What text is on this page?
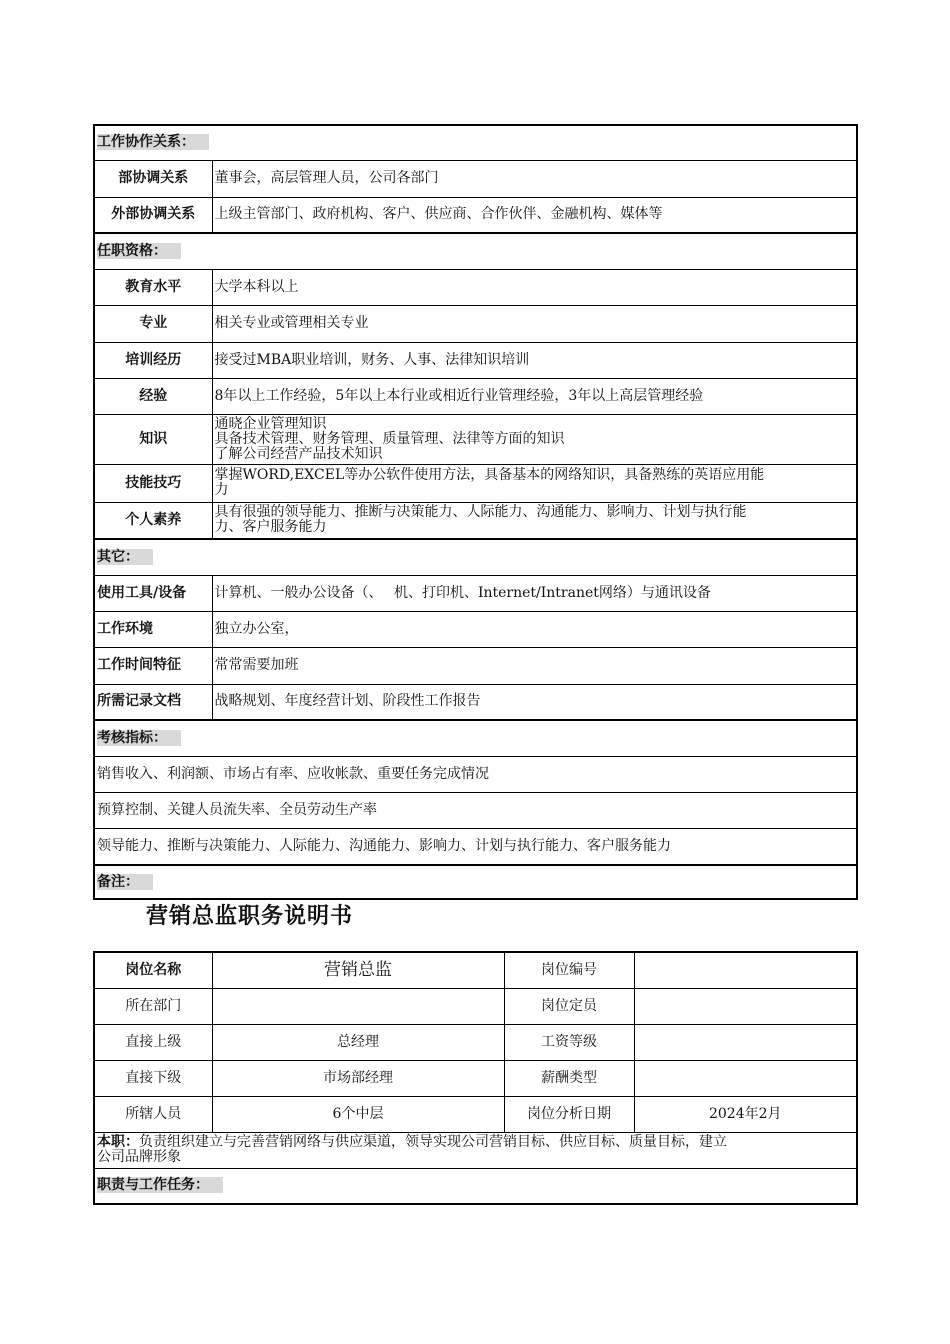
工作协作关系：	
部协调关系	董事会，高层管理人员，公司各部门
外部协调关系	上级主管部门、政府机构、客户、供应商、合作伙伴、金融机构、媒体等
任职资格：	
教育水平	大学本科以上
专业	相关专业或管理相关专业
培训经历	接受过MBA职业培训，财务、人事、法律知识培训
经验	8年以上工作经验，5年以上本行业或相近行业管理经验，3年以上高层管理经验
知识	通晓企业管理知识
具备技术管理、财务管理、质量管理、法律等方面的知识
了解公司经营产品技术知识

技能技巧	掌握WORD,EXCEL等办公软件使用方法，具备基本的网络知识，具备熟练的英语应用能
力

个人素养	具有很强的领导能力、推断与决策能力、人际能力、沟通能力、影响力、计划与执行能
力、客户服务能力

其它：	
使用工具/设备	计算机、一般办公设备（、　 机、打印机、Internet/Intranet网络）与通讯设备
工作环境	独立办公室，
工作时间特征	常常需要加班
所需记录文档	战略规划、年度经营计划、阶段性工作报告
考核指标：	
销售收入、利润额、市场占有率、应收帐款、重要任务完成情况	
预算控制、关键人员流失率、全员劳动生产率	
领导能力、推断与决策能力、人际能力、沟通能力、影响力、计划与执行能力、客户服务能力	
备注：	
营销总监职务说明书
岗位名称	营销总监	岗位编号	
所在部门		岗位定员	
直接上级	总经理	工资等级	
直接下级	市场部经理	薪酬类型	
所辖人员	6个中层	岗位分析日期	2024年2月

本职：负责组织建立与完善营销网络与供应渠道，领导实现公司营销目标、供应目标、质量目标，建立
公司品牌形象			

职责与工作任务：			
